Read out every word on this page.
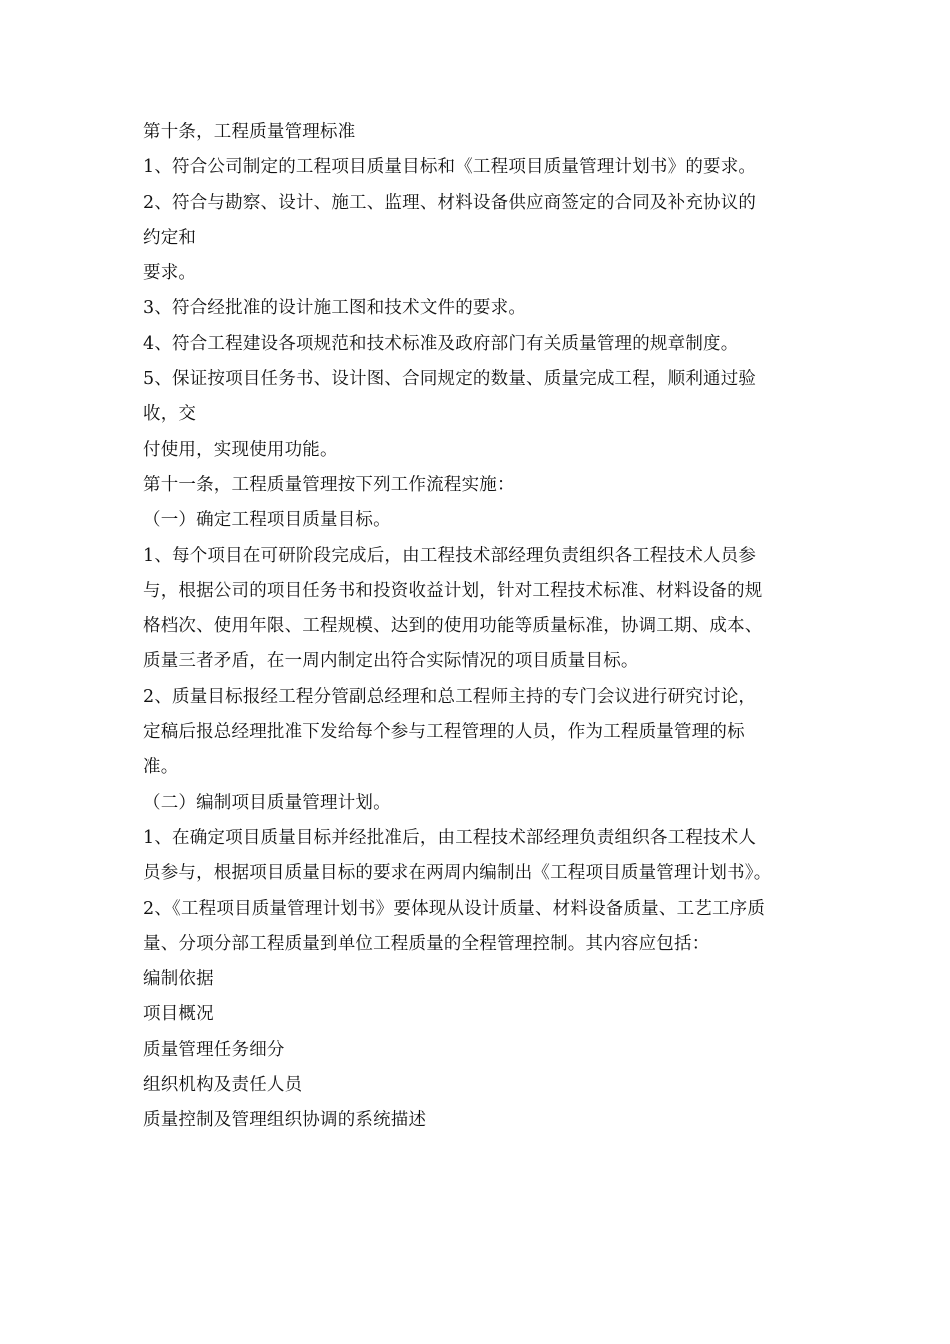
第十条，工程质量管理标准
1、符合公司制定的工程项目质量目标和《工程项目质量管理计划书》的要求。
2、符合与勘察、设计、施工、监理、材料设备供应商签定的合同及补充协议的
约定和
要求。
3、符合经批准的设计施工图和技术文件的要求。
4、符合工程建设各项规范和技术标准及政府部门有关质量管理的规章制度。
5、保证按项目任务书、设计图、合同规定的数量、质量完成工程，顺利通过验
收，交
付使用，实现使用功能。
第十一条，工程质量管理按下列工作流程实施：
（一）确定工程项目质量目标。
1、每个项目在可研阶段完成后，由工程技术部经理负责组织各工程技术人员参
与，根据公司的项目任务书和投资收益计划，针对工程技术标准、材料设备的规
格档次、使用年限、工程规模、达到的使用功能等质量标准，协调工期、成本、
质量三者矛盾，在一周内制定出符合实际情况的项目质量目标。
2、质量目标报经工程分管副总经理和总工程师主持的专门会议进行研究讨论，
定稿后报总经理批准下发给每个参与工程管理的人员，作为工程质量管理的标
准。
（二）编制项目质量管理计划。
1、在确定项目质量目标并经批准后，由工程技术部经理负责组织各工程技术人
员参与，根据项目质量目标的要求在两周内编制出《工程项目质量管理计划书》。
2、《工程项目质量管理计划书》要体现从设计质量、材料设备质量、工艺工序质
量、分项分部工程质量到单位工程质量的全程管理控制。其内容应包括：
编制依据
项目概况
质量管理任务细分
组织机构及责任人员
质量控制及管理组织协调的系统描述
